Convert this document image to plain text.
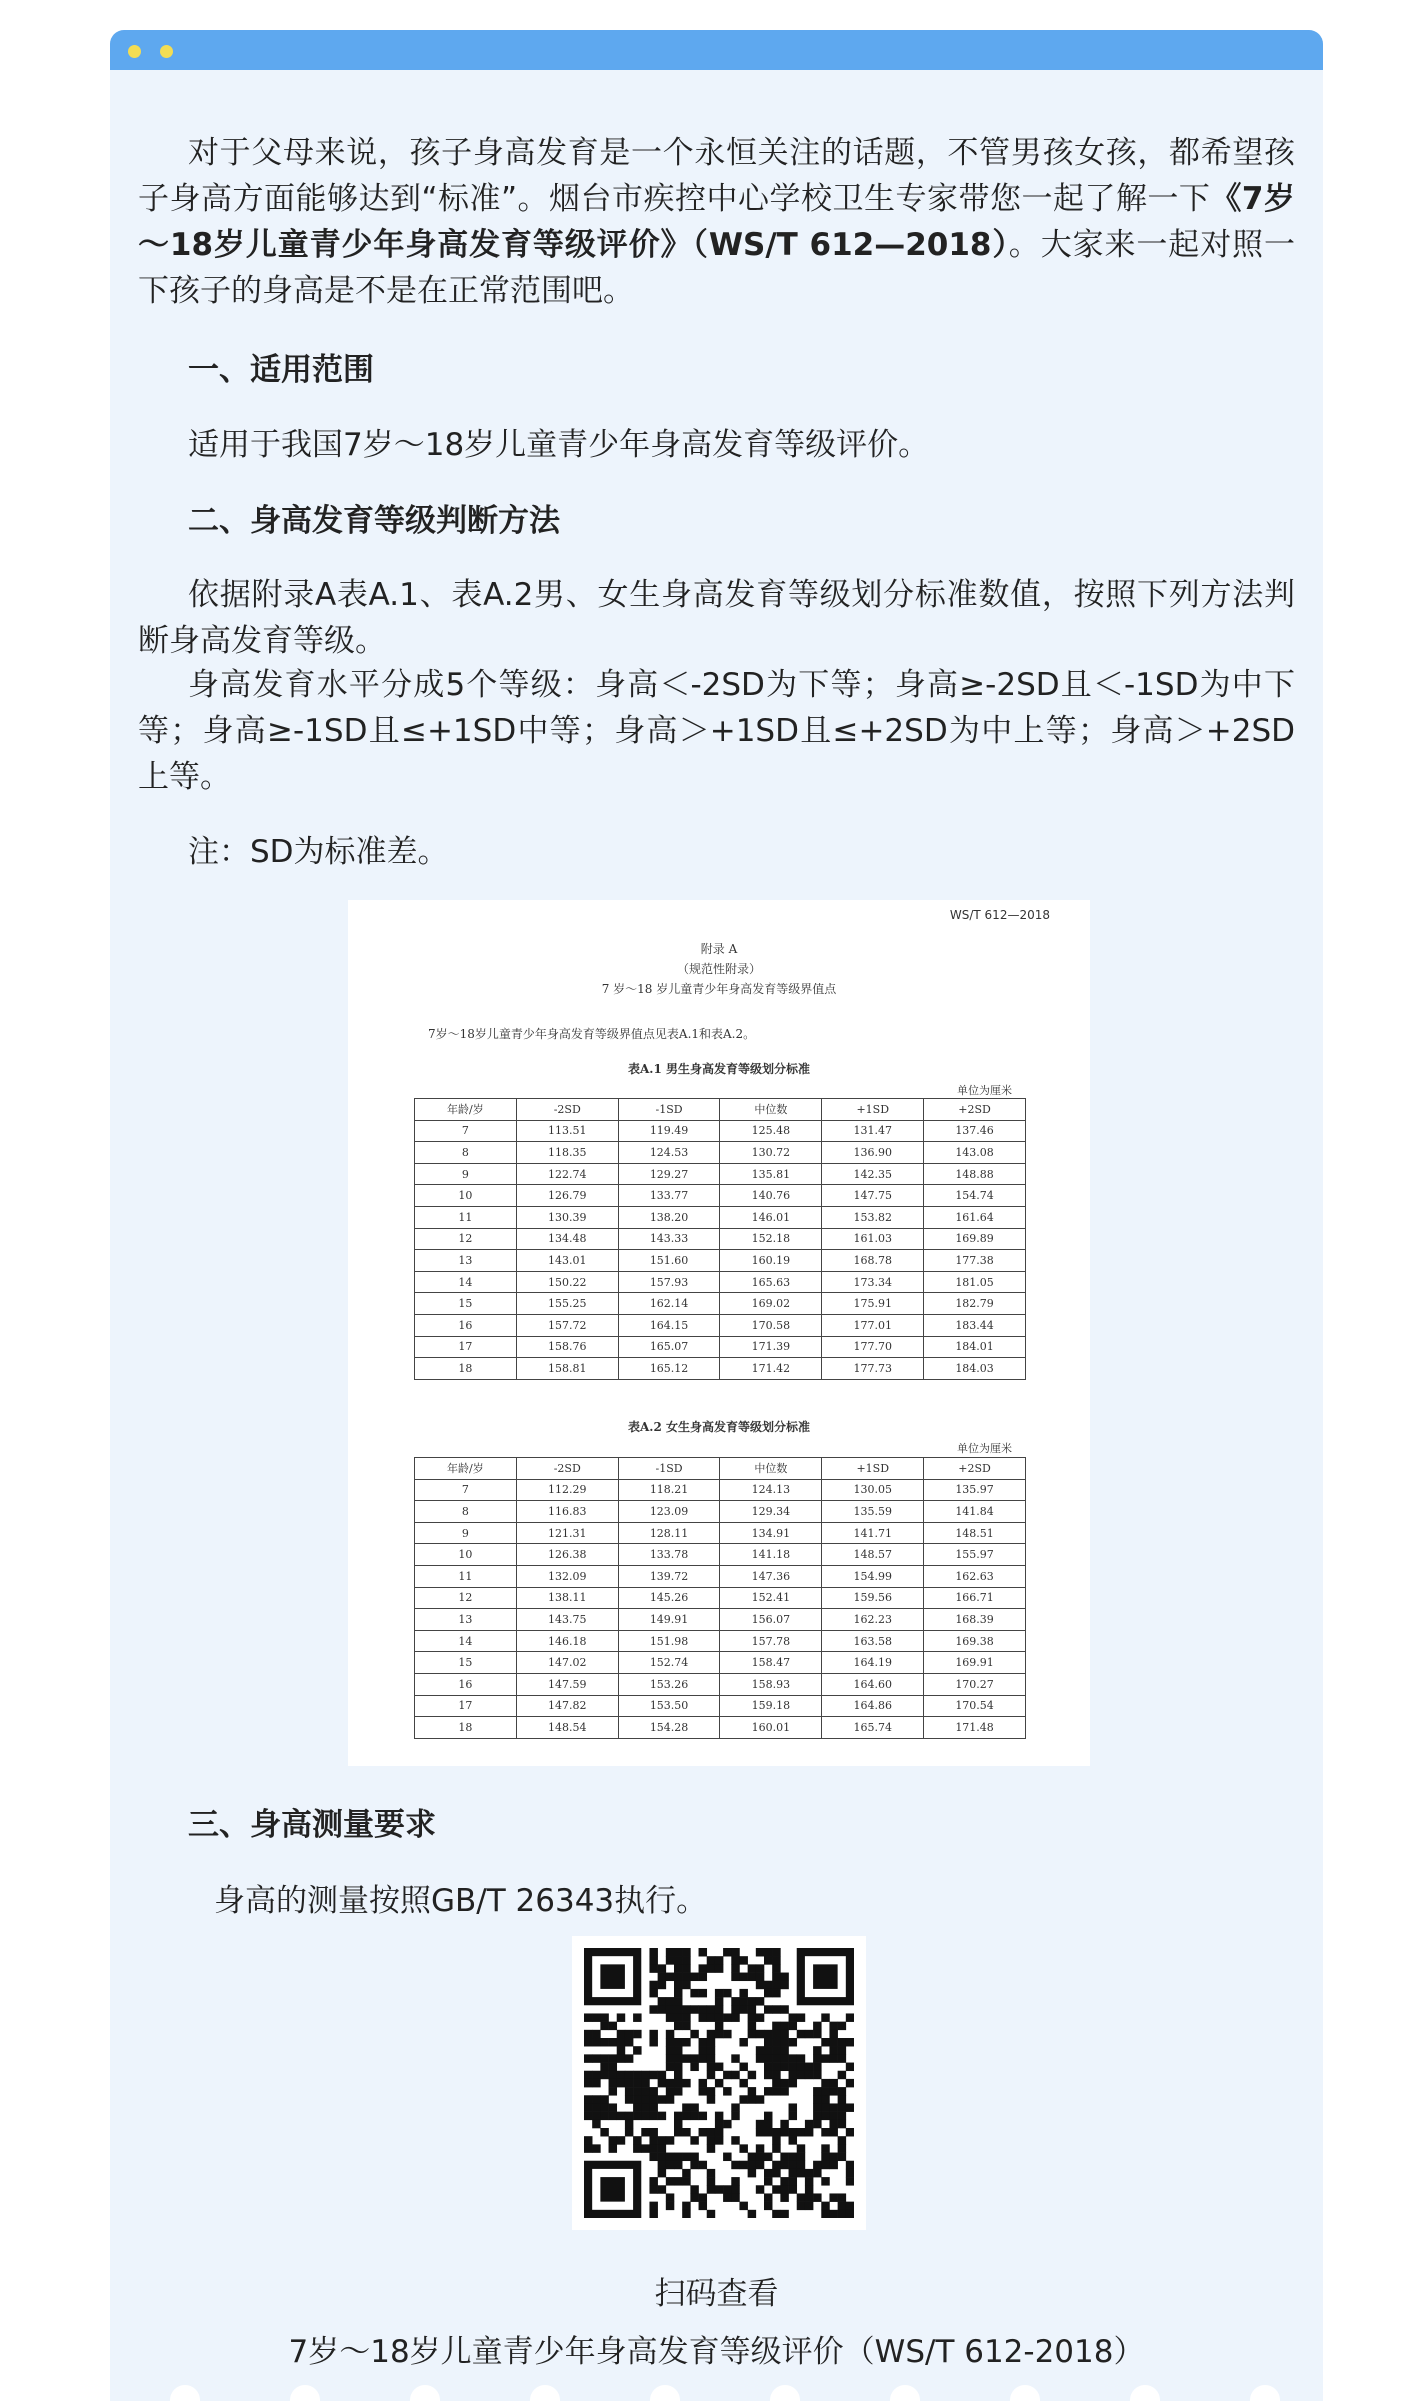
对于父母来说，孩子身高发育是一个永恒关注的话题，不管男孩女孩，都希望孩子身高方面能够达到“标准”。烟台市疾控中心学校卫生专家带您一起了解一下《7岁～18岁儿童青少年身高发育等级评价》（WS/T 612—2018）。大家来一起对照一下孩子的身高是不是在正常范围吧。

一、适用范围

适用于我国7岁～18岁儿童青少年身高发育等级评价。

二、身高发育等级判断方法

依据附录A表A.1、表A.2男、女生身高发育等级划分标准数值，按照下列方法判断身高发育等级。

身高发育水平分成5个等级：身高＜-2SD为下等；身高≥-2SD且＜-1SD为中下等；身高≥-1SD且≤+1SD中等；身高＞+1SD且≤+2SD为中上等；身高＞+2SD上等。

注：SD为标准差。

三、身高测量要求

身高的测量按照GB/T 26343执行。

WS/T 612—2018
附录 A
（规范性附录）
7 岁～18 岁儿童青少年身高发育等级界值点
7岁～18岁儿童青少年身高发育等级界值点见表A.1和表A.2。
表A.1 男生身高发育等级划分标准
单位为厘米
年龄/岁	-2SD	-1SD	中位数	+1SD	+2SD
7	113.51	119.49	125.48	131.47	137.46
8	118.35	124.53	130.72	136.90	143.08
9	122.74	129.27	135.81	142.35	148.88
10	126.79	133.77	140.76	147.75	154.74
11	130.39	138.20	146.01	153.82	161.64
12	134.48	143.33	152.18	161.03	169.89
13	143.01	151.60	160.19	168.78	177.38
14	150.22	157.93	165.63	173.34	181.05
15	155.25	162.14	169.02	175.91	182.79
16	157.72	164.15	170.58	177.01	183.44
17	158.76	165.07	171.39	177.70	184.01
18	158.81	165.12	171.42	177.73	184.03
表A.2 女生身高发育等级划分标准
单位为厘米
年龄/岁	-2SD	-1SD	中位数	+1SD	+2SD
7	112.29	118.21	124.13	130.05	135.97
8	116.83	123.09	129.34	135.59	141.84
9	121.31	128.11	134.91	141.71	148.51
10	126.38	133.78	141.18	148.57	155.97
11	132.09	139.72	147.36	154.99	162.63
12	138.11	145.26	152.41	159.56	166.71
13	143.75	149.91	156.07	162.23	168.39
14	146.18	151.98	157.78	163.58	169.38
15	147.02	152.74	158.47	164.19	169.91
16	147.59	153.26	158.93	164.60	170.27
17	147.82	153.50	159.18	164.86	170.54
18	148.54	154.28	160.01	165.74	171.48
扫码查看
7岁～18岁儿童青少年身高发育等级评价（WS/T 612-2018）
